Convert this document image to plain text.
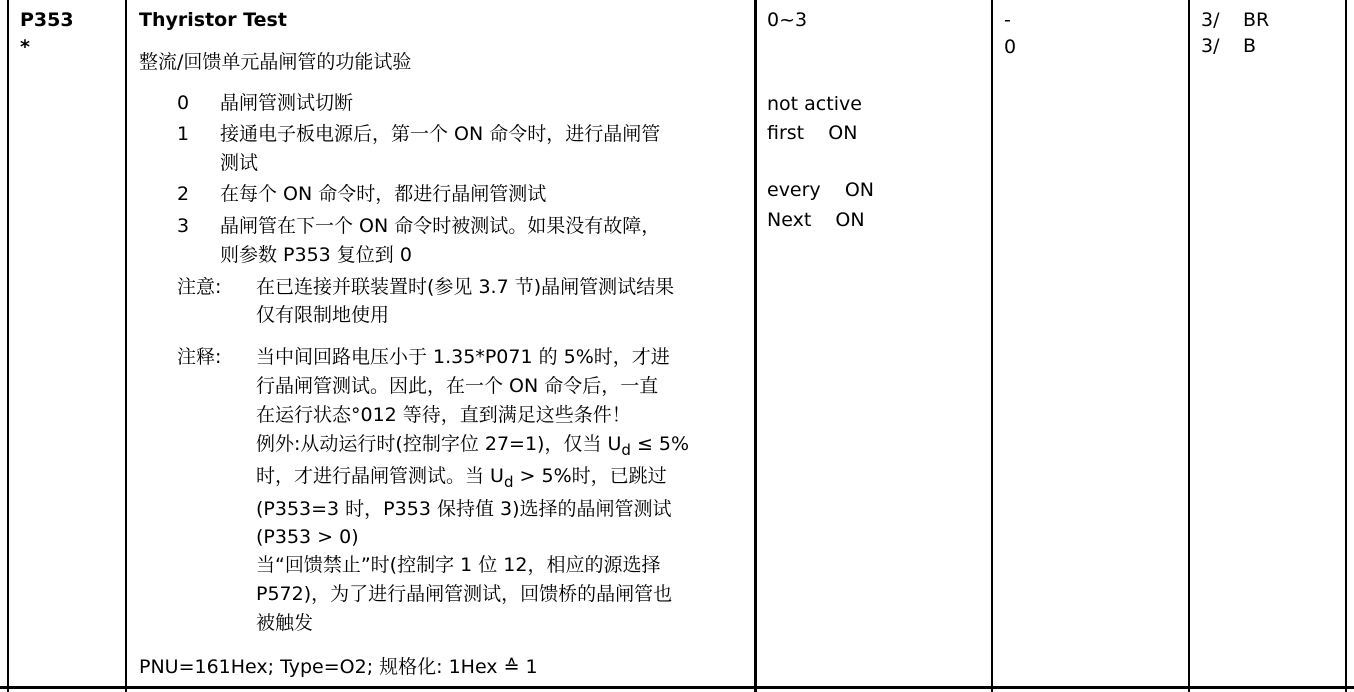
P353
*
Thyristor Test
整流/回馈单元晶闸管的功能试验
0 晶闸管测试切断
1 接通电子板电源后，第一个 ON 命令时，进行晶闸管
测试
2 在每个 ON 命令时，都进行晶闸管测试
3 晶闸管在下一个 ON 命令时被测试。如果没有故障，
则参数 P353 复位到 0
注意: 在已连接并联装置时(参见 3.7 节)晶闸管测试结果
仅有限制地使用
注释: 当中间回路电压小于 1.35*P071 的 5%时，才进
行晶闸管测试。因此，在一个 ON 命令后，一直
在运行状态°012 等待，直到满足这些条件！
例外:从动运行时(控制字位 27=1)，仅当 $U_d \le 5\%$
时，才进行晶闸管测试。当 $U_d > 5\%$时，已跳过
(P353=3 时，P353 保持值 3)选择的晶闸管测试
(P353 > 0)
当“回馈禁止”时(控制字 1 位 12，相应的源选择
P572)，为了进行晶闸管测试，回馈桥的晶闸管也
被触发
PNU=161Hex; Type=O2; 规格化: 1Hex ≙ 1
0~3
not active
first    ON
every    ON
Next    ON
-
0
3/ BR
3/ B
